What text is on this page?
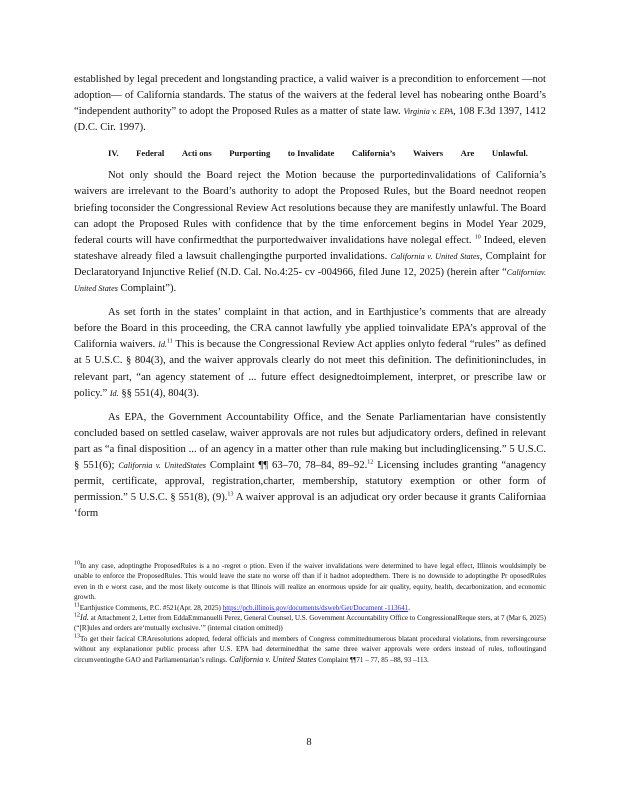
established by legal precedent and longstanding practice, a valid waiver is a precondition to enforcement —not adoption— of California standards. The status of the waivers at the federal level has nobearing onthe Board’s “independent authority” to adopt the Proposed Rules as a matter of state law. Virginia v. EPA, 108 F.3d 1397, 1412 (D.C. Cir. 1997).

IV. Federal Acti ons Purporting to Invalidate California’s Waivers Are Unlawful.

Not only should the Board reject the Motion because the purportedinvalidations of California’s waivers are irrelevant to the Board’s authority to adopt the Proposed Rules, but the Board neednot reopen briefing toconsider the Congressional Review Act resolutions because they are manifestly unlawful. The Board can adopt the Proposed Rules with confidence that by the time enforcement begins in Model Year 2029, federal courts will have confirmedthat the purportedwaiver invalidations have nolegal effect. $^{10}$ Indeed, eleven stateshave already filed a lawsuit challengingthe purported invalidations. California v. United States, Complaint for Declaratoryand Injunctive Relief (N.D. Cal. No.4:25- cv -004966, filed June 12, 2025) (herein after “Californiav. United States Complaint”).

As set forth in the states’ complaint in that action, and in Earthjustice’s comments that are already before the Board in this proceeding, the CRA cannot lawfully ybe applied toinvalidate EPA’s approval of the California waivers. Id.$^{11}$ This is because the Congressional Review Act applies onlyto federal “rules” as defined at 5 U.S.C. § 804(3), and the waiver approvals clearly do not meet this definition. The definitionincludes, in relevant part, “an agency statement of ... future effect designedtoimplement, interpret, or prescribe law or policy.” Id. §§ 551(4), 804(3).

As EPA, the Government Accountability Office, and the Senate Parliamentarian have consistently concluded based on settled caselaw, waiver approvals are not rules but adjudicatory orders, defined in relevant part as “a final disposition ... of an agency in a matter other than rule making but includinglicensing.” 5 U.S.C. § 551(6); California v. UnitedStates Complaint ¶¶ 63–70, 78–84, 89–92.12 Licensing includes granting “anagency permit, certificate, approval, registration,charter, membership, statutory exemption or other form of permission.” 5 U.S.C. § 551(8), (9).$^{13}$ A waiver approval is an adjudicat ory order because it grants Californiaa ‘form

$^{10}$In any case, adoptingthe ProposedRules is a no -regret o ption. Even if the waiver invalidations were determined to have legal effect, Illinois wouldsimply be unable to enforce the ProposedRules. This would leave the state no worse off than if it hadnot adoptedthem. There is no downside to adoptingthe Pr oposedRules even in th e worst case, and the most likely outcome is that Illinois will realize an enormous upside for air quality, equity, health, decarbonization, and economic growth.

$^{11}$Earthjustice Comments, P.C. #521(Apr. 28, 2025) https://pcb.illinois.gov/documents/dsweb/Get/Document -113641.

$^{12}$Id. at Attachment 2, Letter from EddaEmmanuelli Perez, General Counsel, U.S. Government Accountability Office to CongressionalReque sters, at 7 (Mar 6, 2025) (“[R]ules and orders are‘mutually exclusive.’” (internal citation omitted))

$^{13}$To get their facical CRAresolutions adopted, federal officials and members of Congress committednumerous blatant procedural violations, from reversingcourse without any explanationor public process after U.S. EPA had determinedthat the same three waiver approvals were orders instead of rules, tofloutingand circumventingthe GAO and Parliamentarian’s rulings. California v. United States Complaint ¶¶71 – 77, 85 –88, 93 –113.

8
